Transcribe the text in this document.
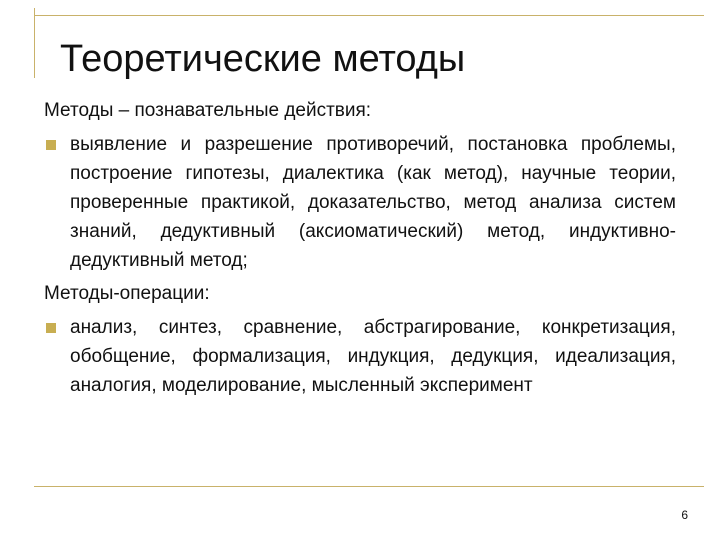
Теоретические методы

Методы – познавательные действия:

выявление и разрешение противоречий, постановка проблемы, построение гипотезы, диалектика (как метод), научные теории, проверенные практикой, доказательство, метод анализа систем знаний, дедуктивный (аксиоматический) метод, индуктивно-дедуктивный метод;

Методы-операции:

анализ, синтез, сравнение, абстрагирование, конкретизация, обобщение, формализация, индукция, дедукция, идеализация, аналогия, моделирование, мысленный эксперимент
6
